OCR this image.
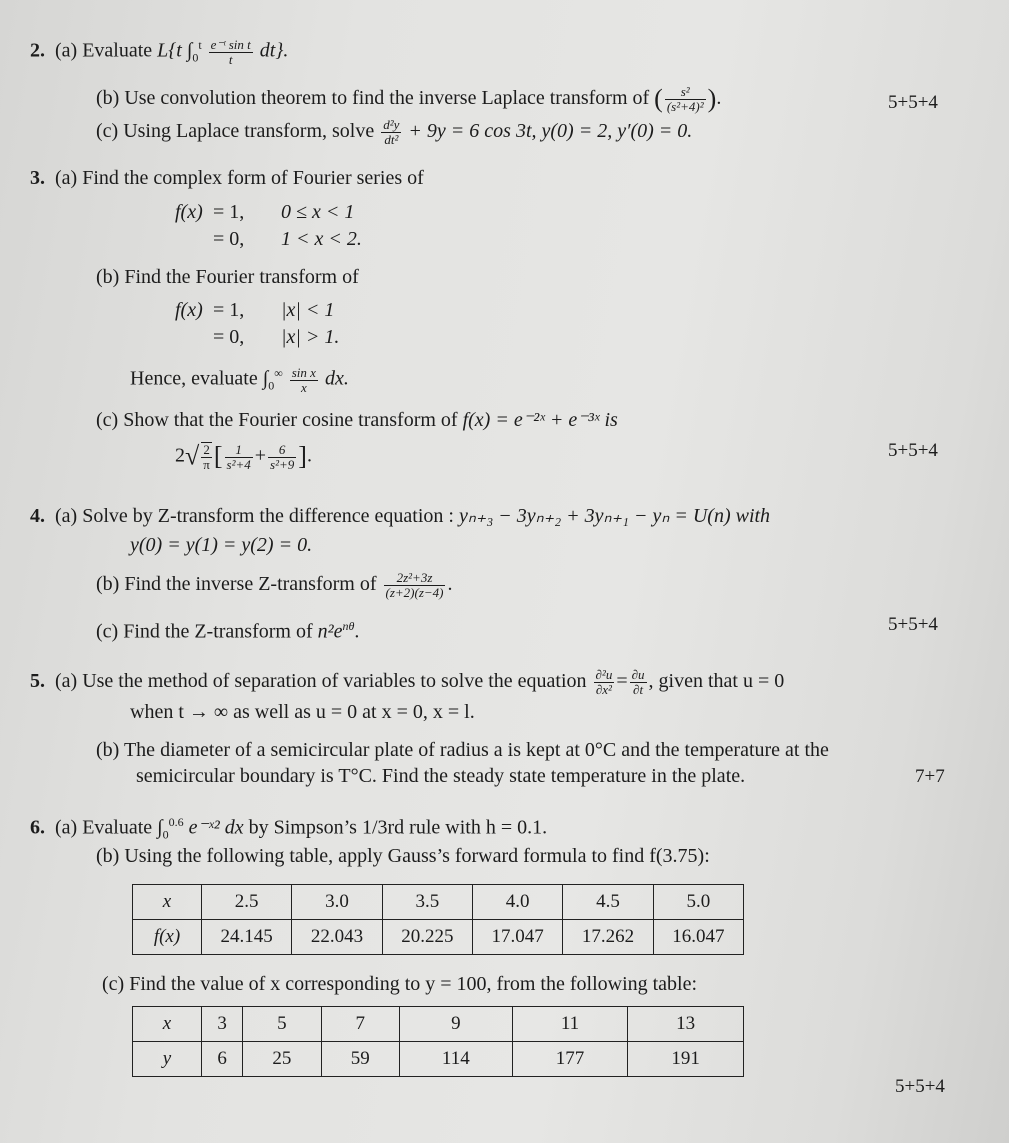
2. (a) Evaluate L{t $\int_0^t \frac{\text{e⁻ᵗ sin t}}{t} dt$}.
(b) Use convolution theorem to find the inverse Laplace transform of ( $\frac{\text{s²}}{\text{(s²+4)²}}$ ).
(c) Using Laplace transform, solve $\frac{\text{d²y}}{\text{dt²}} + 9y = 6$ cos 3t, y(0) = 2, y′(0) = 0.
5+5+4
3. (a) Find the complex form of Fourier series of
f(x) = 1, 0 ≤ x < 1
= 0, 1 < x < 2.
(b) Find the Fourier transform of
f(x) = 1, |x| < 1
= 0, |x| > 1.
Hence, evaluate $\int_0^\infty \frac{\text{sin x}}{x}$ dx.
(c) Show that the Fourier cosine transform of f(x) = e⁻²ˣ + e⁻³ˣ is
$2√ \frac{2}{\pi}$ [ $\frac{1}{\text{s²+4}} + \frac{6}{\text{s²+9}}$ ].	5+5+4
4. (a) Solve by Z-transform the difference equation : yₙ₊₃ − 3yₙ₊₂ + 3yₙ₊₁ − yₙ = U(n) with
y(0) = y(1) = y(2) = 0.
(b) Find the inverse Z-transform of $\frac{\text{2z²+3z}}{(z+2)(z-4)}$ .
(c) Find the Z-transform of $n^2e^{n\theta}$.	5+5+4
5. (a) Use the method of separation of variables to solve the equation $\frac{\text{∂²u}}{\text{∂x²}} = \frac{\partial u}{\partial t}$ , given that u = 0
when t → ∞ as well as u = 0 at x = 0, x = l.
(b) The diameter of a semicircular plate of radius a is kept at 0°C and the temperature at the
semicircular boundary is T°C. Find the steady state temperature in the plate.	7+7
6. (a) Evaluate $\int_0^{0.6}$ e⁻ˣ² dx by Simpson’s 1/3rd rule with h = 0.1.
(b) Using the following table, apply Gauss’s forward formula to find f(3.75):
x	2.5	3.0	3.5	4.0	4.5	5.0
f(x)	24.145	22.043	20.225	17.047	17.262	16.047
(c) Find the value of x corresponding to y = 100, from the following table:
x	3	5	7	9	11	13
y	6	25	59	114	177	191
5+5+4
